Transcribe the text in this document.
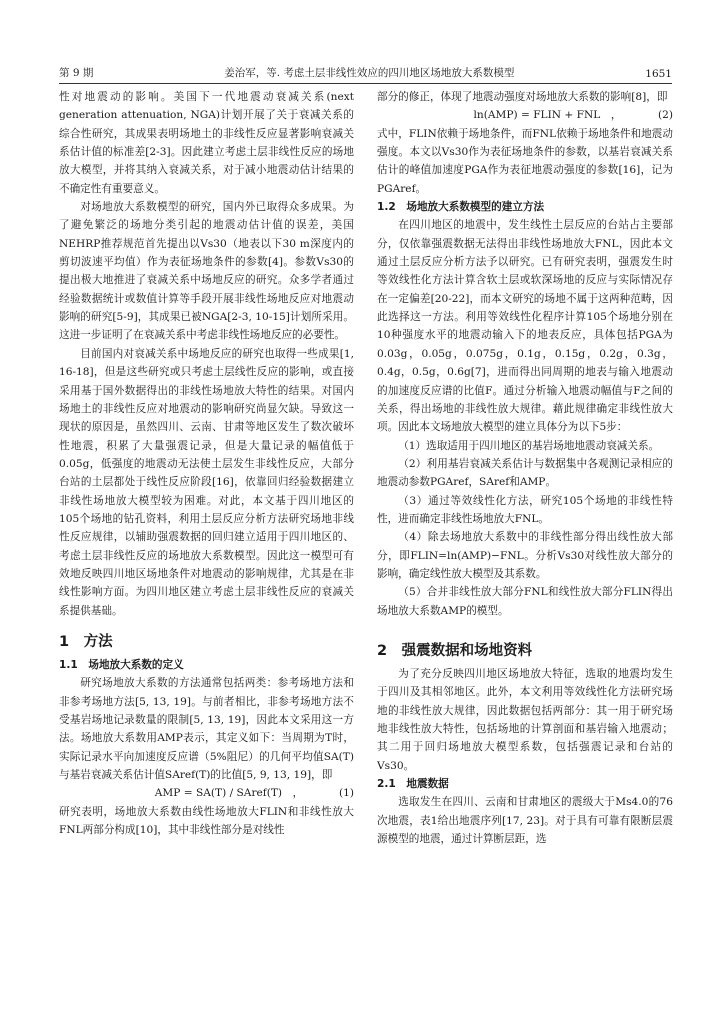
第 9 期	姜治军，等. 考虑土层非线性效应的四川地区场地放大系数模型	1651

性对地震动的影响。美国下一代地震动衰减关系(next generation attenuation, NGA)计划开展了关于衰减关系的综合性研究，其成果表明场地土的非线性反应显著影响衰减关系估计值的标准差[2-3]。因此建立考虑土层非线性反应的场地放大模型，并将其纳入衰减关系，对于减小地震动估计结果的不确定性有重要意义。

对场地放大系数模型的研究，国内外已取得众多成果。为了避免繁泛的场地分类引起的地震动估计值的误差，美国NEHRP推荐规范首先提出以Vs30（地表以下30 m深度内的剪切波速平均值）作为表征场地条件的参数[4]。参数Vs30的提出极大地推进了衰减关系中场地反应的研究。众多学者通过经验数据统计或数值计算等手段开展非线性场地反应对地震动影响的研究[5-9]，其成果已被NGA[2-3, 10-15]计划所采用。这进一步证明了在衰减关系中考虑非线性场地反应的必要性。

目前国内对衰减关系中场地反应的研究也取得一些成果[1, 16-18]，但是这些研究或只考虑土层线性反应的影响，或直接采用基于国外数据得出的非线性场地放大特性的结果。对国内场地土的非线性反应对地震动的影响研究尚显欠缺。导致这一现状的原因是，虽然四川、云南、甘肃等地区发生了数次破坏性地震，积累了大量强震记录，但是大量记录的幅值低于0.05g，低强度的地震动无法使土层发生非线性反应，大部分台站的土层都处于线性反应阶段[16]，依靠回归经验数据建立非线性场地放大模型较为困难。对此，本文基于四川地区的105个场地的钻孔资料，利用土层反应分析方法研究场地非线性反应规律，以辅助强震数据的回归建立适用于四川地区的、考虑土层非线性反应的场地放大系数模型。因此这一模型可有效地反映四川地区场地条件对地震动的影响规律，尤其是在非线性影响方面。为四川地区建立考虑土层非线性反应的衰减关系提供基础。

1　方法
1.1　场地放大系数的定义

研究场地放大系数的方法通常包括两类：参考场地方法和非参考场地方法[5, 13, 19]。与前者相比，非参考场地方法不受基岩场地记录数量的限制[5, 13, 19]，因此本文采用这一方法。场地放大系数用AMP表示，其定义如下：当周期为T时，实际记录水平向加速度反应谱（5%阻尼）的几何平均值SA(T)与基岩衰减关系估计值SAref(T)的比值[5, 9, 13, 19]，即

AMP = SA(T) / SAref(T)　，	(1)

研究表明，场地放大系数由线性场地放大FLIN和非线性放大FNL两部分构成[10]，其中非线性部分是对线性

部分的修正，体现了地震动强度对场地放大系数的影响[8]，即

ln(AMP) = FLIN + FNL　，	(2)

式中，FLIN依赖于场地条件，而FNL依赖于场地条件和地震动强度。本文以Vs30作为表征场地条件的参数，以基岩衰减关系估计的峰值加速度PGA作为表征地震动强度的参数[16]，记为PGAref。

1.2　场地放大系数模型的建立方法

在四川地区的地震中，发生线性土层反应的台站占主要部分，仅依靠强震数据无法得出非线性场地放大FNL，因此本文通过土层反应分析方法予以研究。已有研究表明，强震发生时等效线性化方法计算含软土层或软深场地的反应与实际情况存在一定偏差[20-22]，而本文研究的场地不属于这两种范畴，因此选择这一方法。利用等效线性化程序计算105个场地分别在10种强度水平的地震动输入下的地表反应，具体包括PGA为0.03g，0.05g，0.075g，0.1g，0.15g，0.2g，0.3g，0.4g，0.5g，0.6g[7]，进而得出同周期的地表与输入地震动的加速度反应谱的比值F。通过分析输入地震动幅值与F之间的关系，得出场地的非线性放大规律。藉此规律确定非线性放大项。因此本文场地放大模型的建立具体分为以下5步：

（1）选取适用于四川地区的基岩场地地震动衰减关系。

（2）利用基岩衰减关系估计与数据集中各观测记录相应的地震动参数PGAref，SAref和AMP。

（3）通过等效线性化方法，研究105个场地的非线性特性，进而确定非线性场地放大FNL。

（4）除去场地放大系数中的非线性部分得出线性放大部分，即FLIN=ln(AMP)−FNL。分析Vs30对线性放大部分的影响，确定线性放大模型及其系数。

（5）合并非线性放大部分FNL和线性放大部分FLIN得出场地放大系数AMP的模型。

2　强震数据和场地资料

为了充分反映四川地区场地放大特征，选取的地震均发生于四川及其相邻地区。此外，本文利用等效线性化方法研究场地的非线性放大规律，因此数据包括两部分：其一用于研究场地非线性放大特性，包括场地的计算剖面和基岩输入地震动；其二用于回归场地放大模型系数，包括强震记录和台站的Vs30。

2.1　地震数据

选取发生在四川、云南和甘肃地区的震级大于Ms4.0的76次地震，表1给出地震序列[17, 23]。对于具有可靠有限断层震源模型的地震，通过计算断层距，选
